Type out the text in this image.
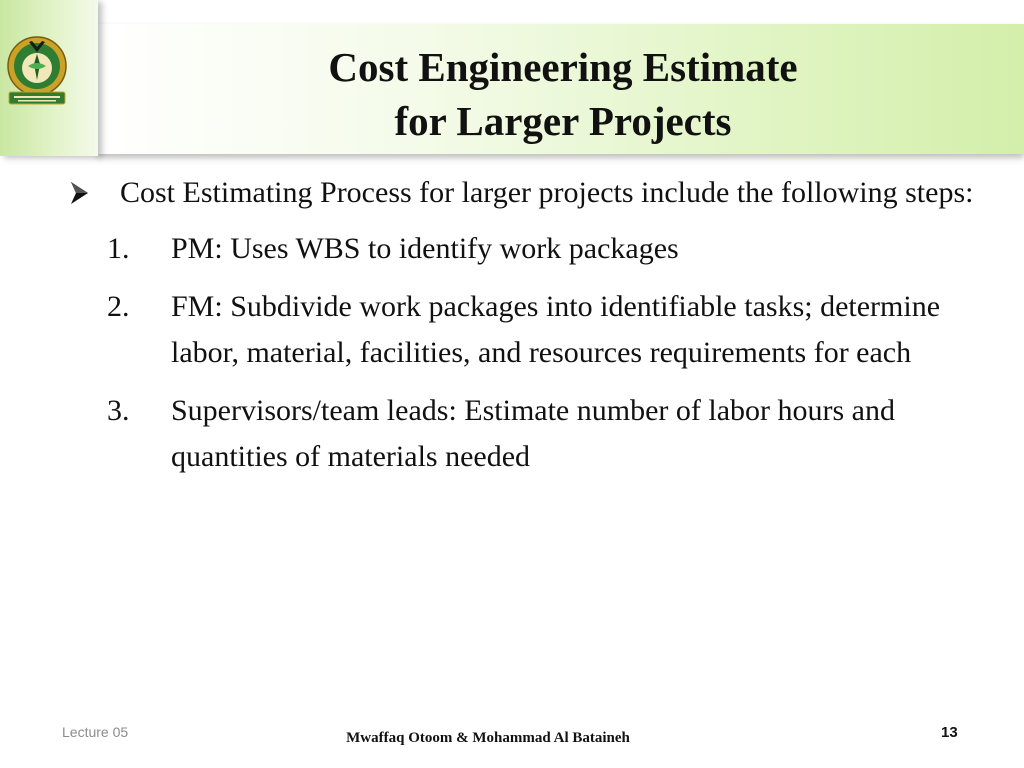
Cost Engineering Estimate
for Larger Projects
Cost Estimating Process for larger projects include the following steps:
1. PM: Uses WBS to identify work packages
2. FM: Subdivide work packages into identifiable tasks; determine labor, material, facilities, and resources requirements for each
3. Supervisors/team leads: Estimate number of labor hours and quantities of materials needed
Lecture 05	Mwaffaq Otoom & Mohammad Al Bataineh	13
